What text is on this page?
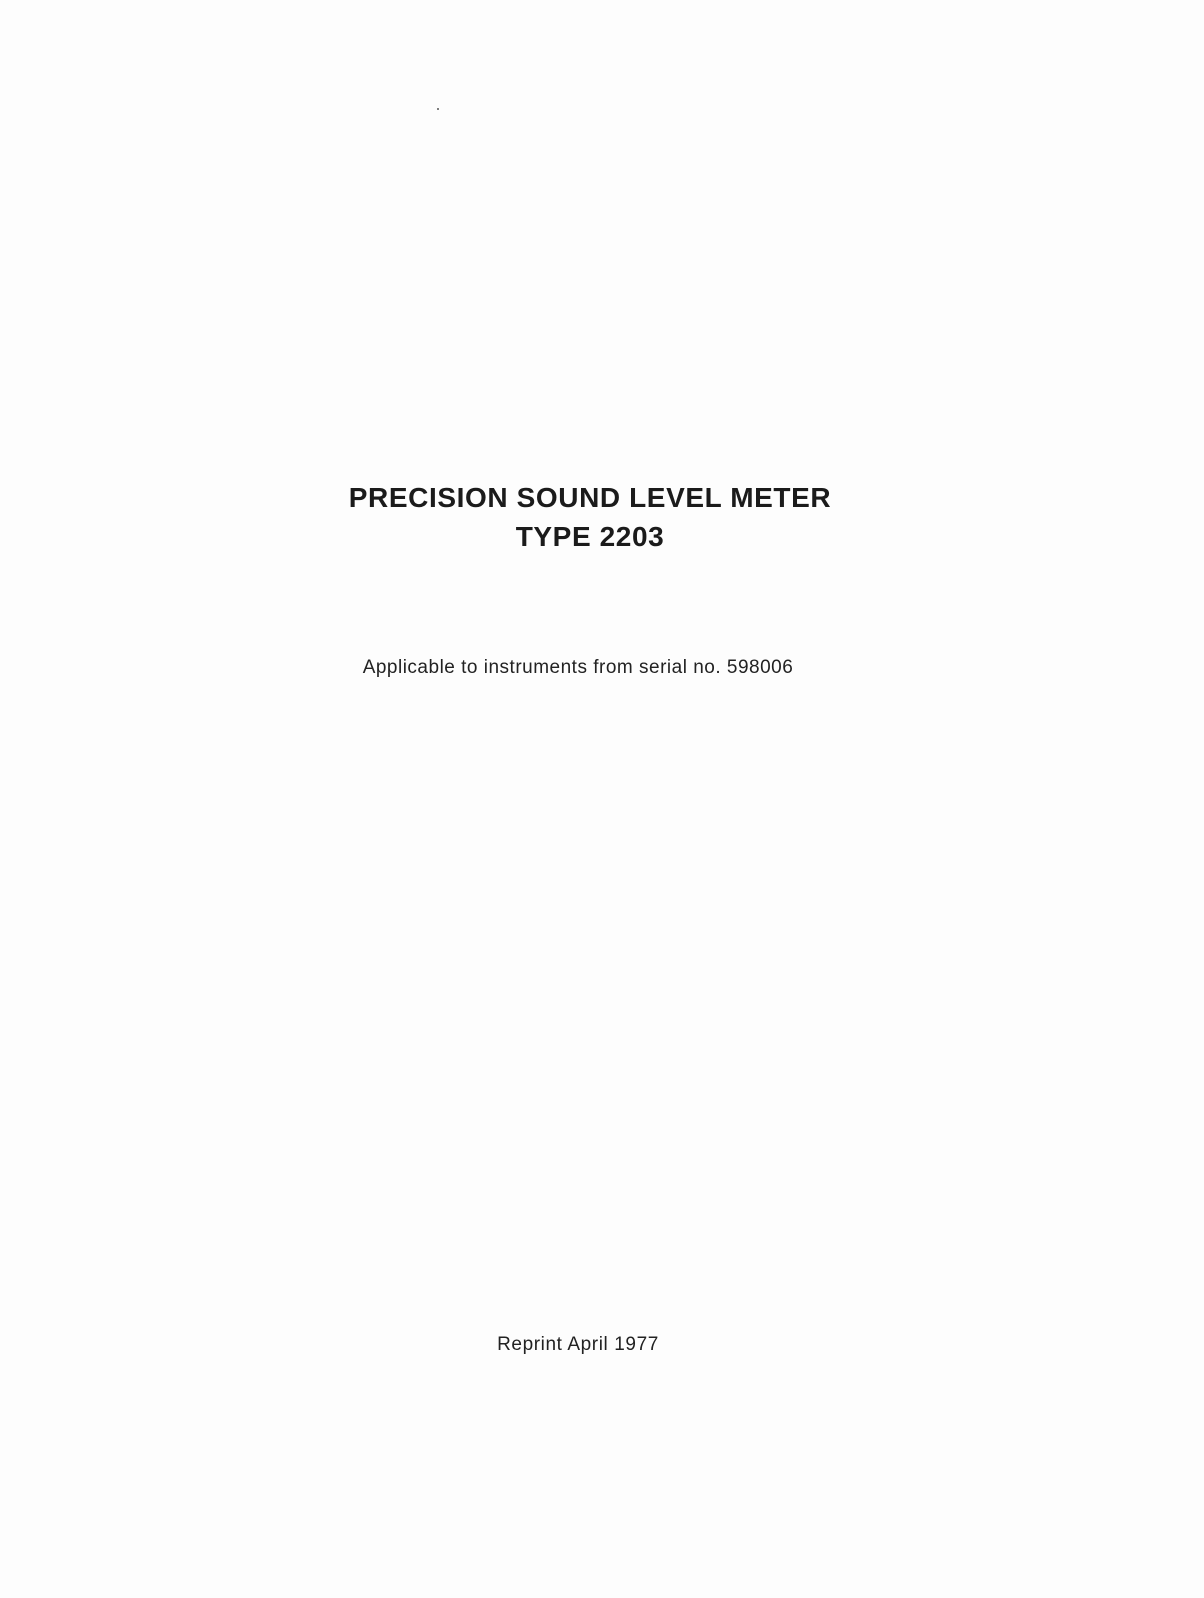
PRECISION SOUND LEVEL METER
TYPE 2203
Applicable to instruments from serial no. 598006
Reprint April 1977
